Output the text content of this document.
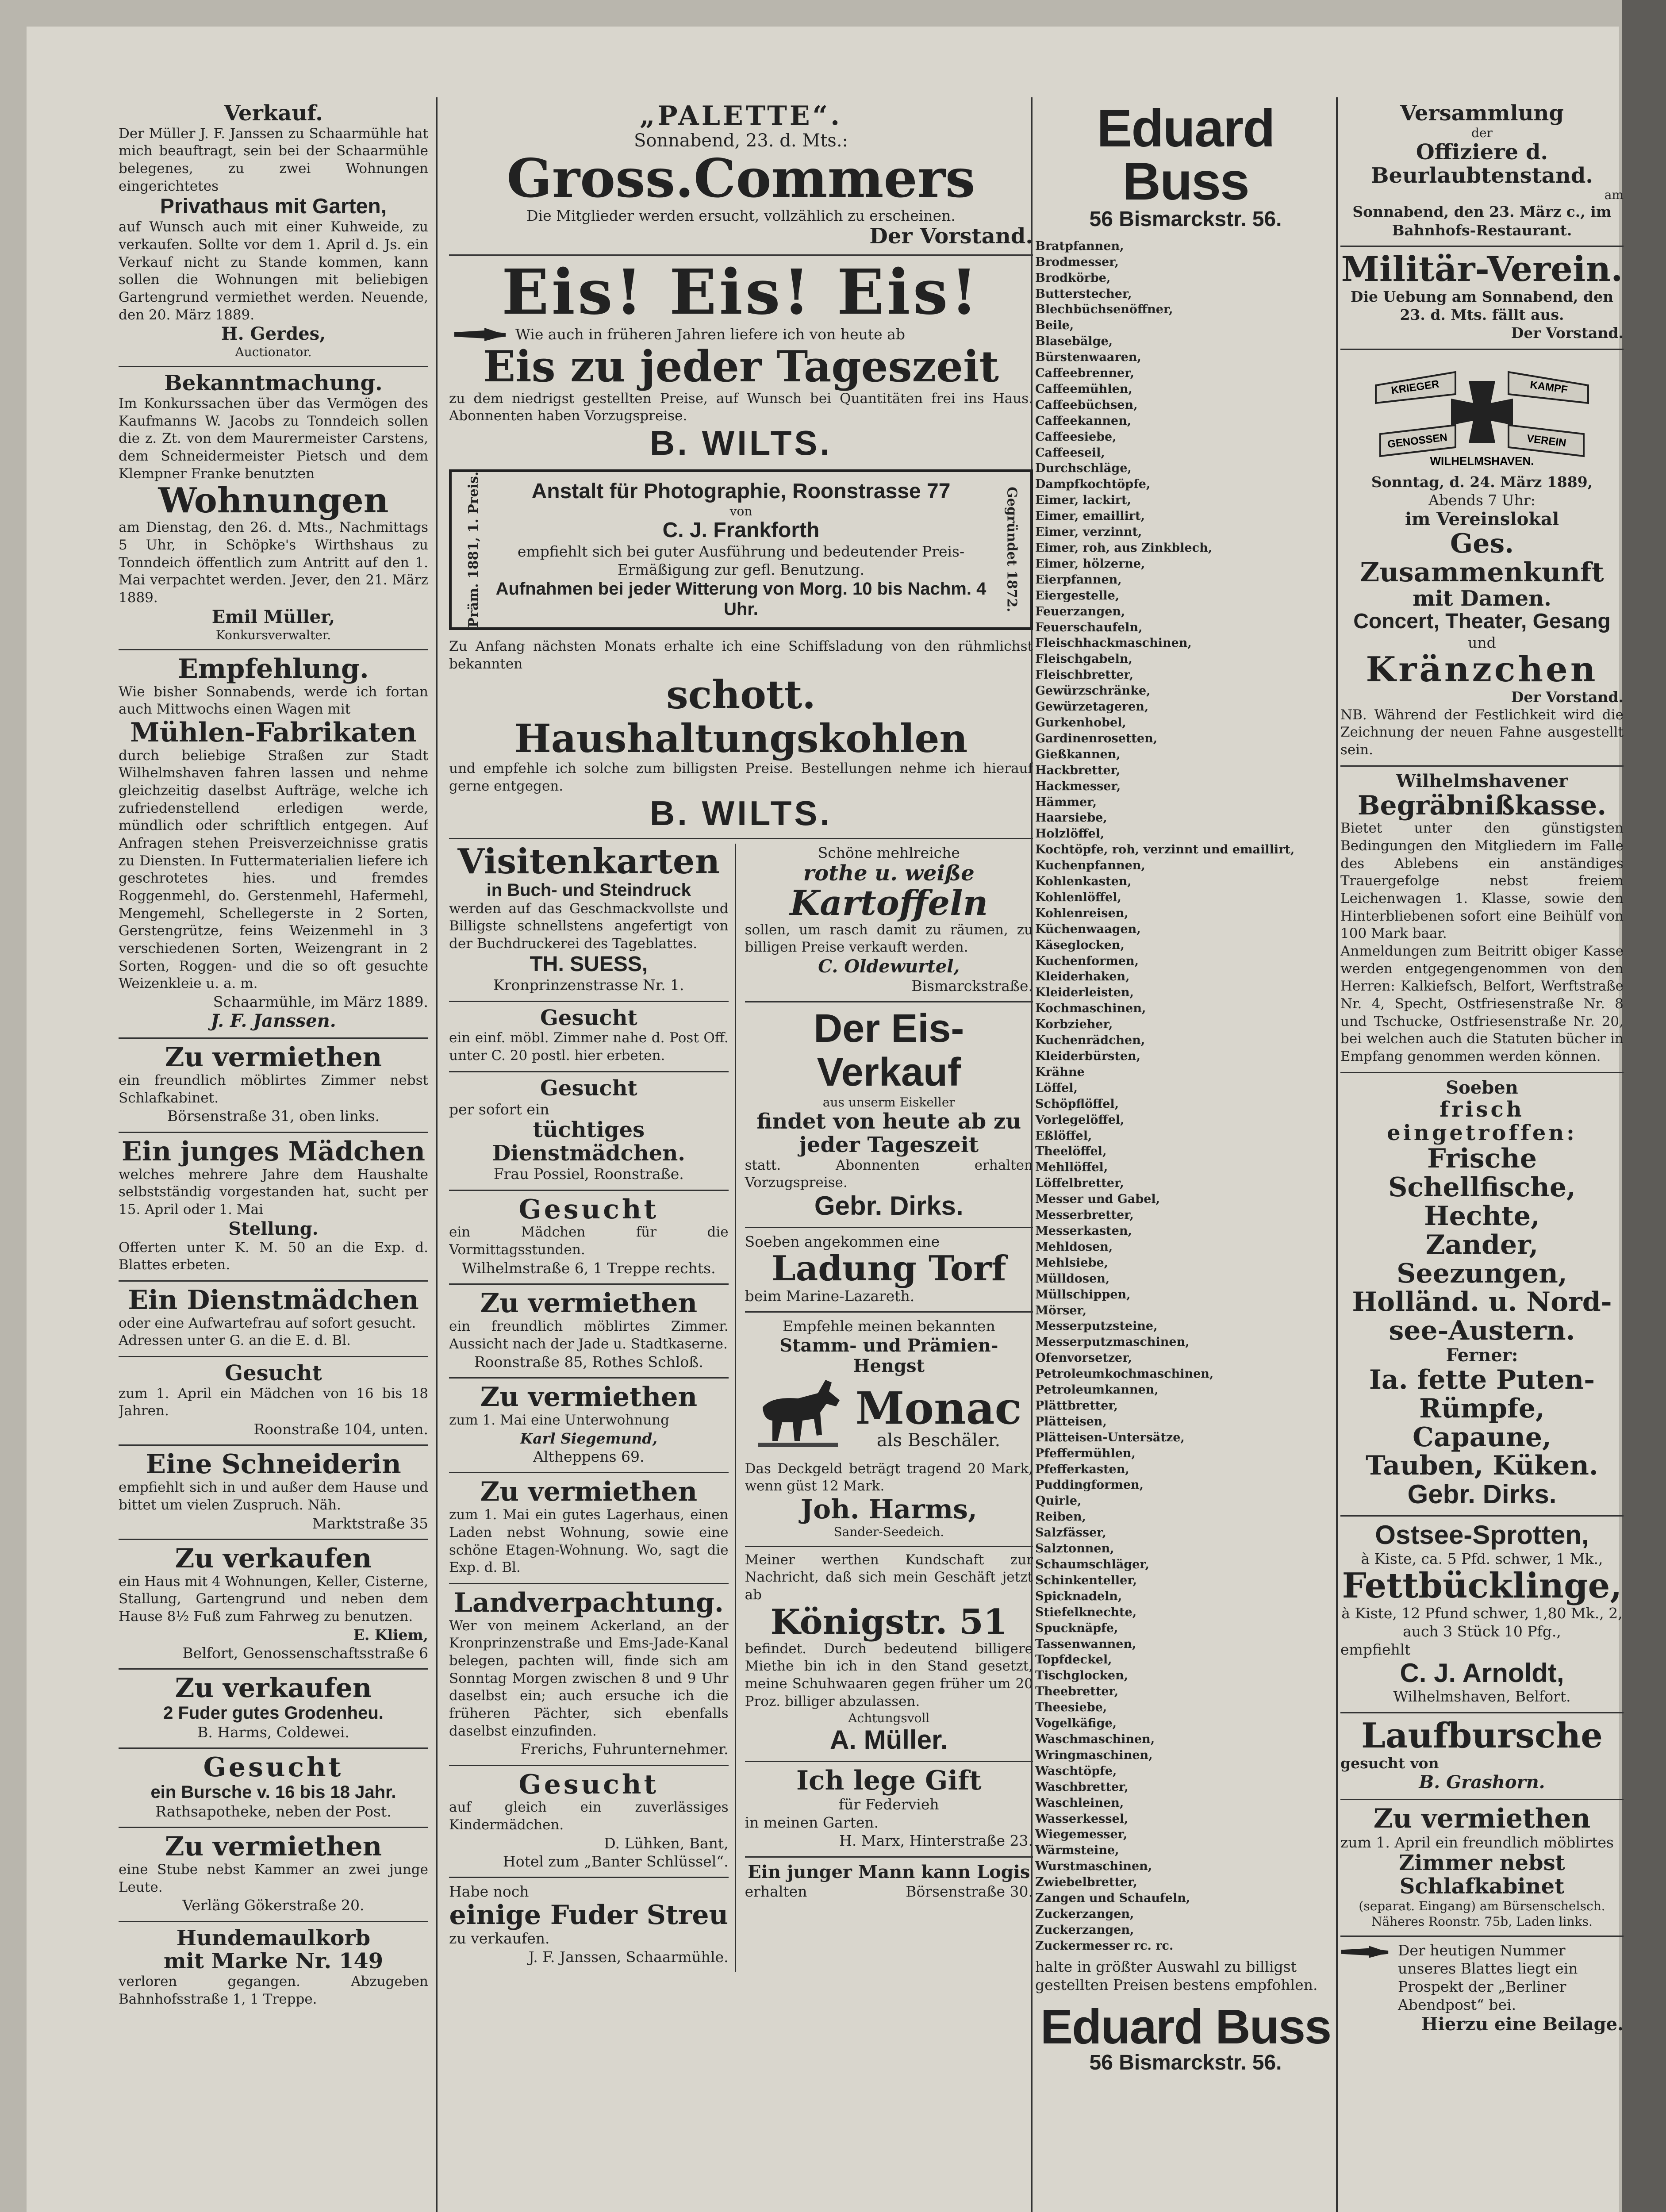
Verkauf.
Der Müller J. F. Janssen zu Schaarmühle hat mich beauftragt, sein bei der Schaarmühle belegenes, zu zwei Wohnungen eingerichtetes
Privathaus mit Garten,
auf Wunsch auch mit einer Kuhweide, zu verkaufen. Sollte vor dem 1. April d. Js. ein Verkauf nicht zu Stande kommen, kann sollen die Wohnungen mit beliebigen Gartengrund vermiethet werden. Neuende, den 20. März 1889.
H. Gerdes,
Auctionator.
Bekanntmachung.
Im Konkurssachen über das Vermögen des Kaufmanns W. Jacobs zu Tonndeich sollen die z. Zt. von dem Maurermeister Carstens, dem Schneidermeister Pietsch und dem Klempner Franke benutzten
Wohnungen
am Dienstag, den 26. d. Mts., Nachmittags 5 Uhr, in Schöpke's Wirthshaus zu Tonndeich öffentlich zum Antritt auf den 1. Mai verpachtet werden. Jever, den 21. März 1889.
Emil Müller,
Konkursverwalter.
Empfehlung.
Wie bisher Sonnabends, werde ich fortan auch Mittwochs einen Wagen mit
Mühlen-Fabrikaten
durch beliebige Straßen zur Stadt Wilhelmshaven fahren lassen und nehme gleichzeitig daselbst Aufträge, welche ich zufriedenstellend erledigen werde, mündlich oder schriftlich entgegen. Auf Anfragen stehen Preisverzeichnisse gratis zu Diensten. In Futtermaterialien liefere ich geschrotetes hies. und fremdes Roggenmehl, do. Gerstenmehl, Hafermehl, Mengemehl, Schellegerste in 2 Sorten, Gerstengrütze, feins Weizenmehl in 3 verschiedenen Sorten, Weizengrant in 2 Sorten, Roggen- und die so oft gesuchte Weizenkleie u. a. m.
Schaarmühle, im März 1889.
J. F. Janssen.
Zu vermiethen
ein freundlich möblirtes Zimmer nebst Schlafkabinet.
Börsenstraße 31, oben links.
Ein junges Mädchen
welches mehrere Jahre dem Haushalte selbstständig vorgestanden hat, sucht per 15. April oder 1. Mai
Stellung.
Offerten unter K. M. 50 an die Exp. d. Blattes erbeten.
Ein Dienstmädchen
oder eine Aufwartefrau auf sofort gesucht.
Adressen unter G. an die E. d. Bl.
Gesucht
zum 1. April ein Mädchen von 16 bis 18 Jahren.
Roonstraße 104, unten.
Eine Schneiderin
empfiehlt sich in und außer dem Hause und bittet um vielen Zuspruch. Näh.
Marktstraße 35
Zu verkaufen
ein Haus mit 4 Wohnungen, Keller, Cisterne, Stallung, Gartengrund und neben dem Hause 8½ Fuß zum Fahrweg zu benutzen.
E. Kliem,
Belfort, Genossenschaftsstraße 6
Zu verkaufen
2 Fuder gutes Grodenheu.
B. Harms, Coldewei.
Gesucht
ein Bursche v. 16 bis 18 Jahr.
Rathsapotheke, neben der Post.
Zu vermiethen
eine Stube nebst Kammer an zwei junge Leute.
Verläng Gökerstraße 20.
Hundemaulkorb
mit Marke Nr. 149
verloren gegangen. Abzugeben Bahnhofsstraße 1, 1 Treppe.
„PALETTE“.
Sonnabend, 23. d. Mts.:
Gross.Commers
Die Mitglieder werden ersucht, vollzählich zu erscheinen.
Der Vorstand.
Eis! Eis! Eis!
Wie auch in früheren Jahren liefere ich von heute ab
Eis zu jeder Tageszeit
zu dem niedrigst gestellten Preise, auf Wunsch bei Quantitäten frei ins Haus. Abonnenten haben Vorzugspreise.
B. WILTS.
Präm. 1881, 1. Preis.	Gegründet 1872.
Anstalt für Photographie, Roonstrasse 77
von
C. J. Frankforth
empfiehlt sich bei guter Ausführung und bedeutender Preis-Ermäßigung zur gefl. Benutzung.
Aufnahmen bei jeder Witterung von Morg. 10 bis Nachm. 4 Uhr.
Zu Anfang nächsten Monats erhalte ich eine Schiffsladung von den rühmlichst bekannten
schott. Haushaltungskohlen
und empfehle ich solche zum billigsten Preise. Bestellungen nehme ich hierauf gerne entgegen.
B. WILTS.
Visitenkarten
in Buch- und Steindruck
werden auf das Geschmackvollste und Billigste schnellstens angefertigt von der Buchdruckerei des Tageblattes.
TH. SUESS,
Kronprinzenstrasse Nr. 1.
Gesucht
ein einf. möbl. Zimmer nahe d. Post Off. unter C. 20 postl. hier erbeten.
Gesucht
per sofort ein
tüchtiges Dienstmädchen.
Frau Possiel, Roonstraße.
Gesucht
ein Mädchen für die Vormittagsstunden.
Wilhelmstraße 6, 1 Treppe rechts.
Zu vermiethen
ein freundlich möblirtes Zimmer. Aussicht nach der Jade u. Stadtkaserne.
Roonstraße 85, Rothes Schloß.
Zu vermiethen
zum 1. Mai eine Unterwohnung
Karl Siegemund,
Altheppens 69.
Zu vermiethen
zum 1. Mai ein gutes Lagerhaus, einen Laden nebst Wohnung, sowie eine schöne Etagen-Wohnung. Wo, sagt die Exp. d. Bl.
Landverpachtung.
Wer von meinem Ackerland, an der Kronprinzenstraße und Ems-Jade-Kanal belegen, pachten will, finde sich am Sonntag Morgen zwischen 8 und 9 Uhr daselbst ein; auch ersuche ich die früheren Pächter, sich ebenfalls daselbst einzufinden.
Frerichs, Fuhrunternehmer.
Gesucht
auf gleich ein zuverlässiges Kindermädchen.
D. Lühken, Bant,
Hotel zum „Banter Schlüssel“.
Habe noch
einige Fuder Streu
zu verkaufen.
J. F. Janssen, Schaarmühle.
Schöne mehlreiche
rothe u. weiße
Kartoffeln
sollen, um rasch damit zu räumen, zu billigen Preise verkauft werden.
C. Oldewurtel,
Bismarckstraße.
Der Eis-Verkauf
aus unserm Eiskeller
findet von heute ab zu jeder Tageszeit
statt. Abonnenten erhalten Vorzugspreise.
Gebr. Dirks.
Soeben angekommen eine
Ladung Torf
beim Marine-Lazareth.
Empfehle meinen bekannten
Stamm- und Prämien-Hengst
Monac
als Beschäler.
Das Deckgeld beträgt tragend 20 Mark, wenn güst 12 Mark.
Joh. Harms,
Sander-Seedeich.
Meiner werthen Kundschaft zur Nachricht, daß sich mein Geschäft jetzt ab
Königstr. 51
befindet. Durch bedeutend billigere Miethe bin ich in den Stand gesetzt, meine Schuhwaaren gegen früher um 20 Proz. billiger abzulassen.
Achtungsvoll
A. Müller.
Ich lege Gift
für Federvieh
in meinen Garten.
H. Marx, Hinterstraße 23.
Ein junger Mann kann Logis
erhalten	Börsenstraße 30.
Eduard Buss
56 Bismarckstr. 56.
Bratpfannen,
Brodmesser,
Brodkörbe,
Butterstecher,
Blechbüchsenöffner,
Beile,
Blasebälge,
Bürstenwaaren,
Caffeebrenner,
Caffeemühlen,
Caffeebüchsen,
Caffeekannen,
Caffeesiebe,
Caffeeseil,
Durchschläge,
Dampfkochtöpfe,
Eimer, lackirt,
Eimer, emaillirt,
Eimer, verzinnt,
Eimer, roh, aus Zinkblech,
Eimer, hölzerne,
Eierpfannen,
Eiergestelle,
Feuerzangen,
Feuerschaufeln,
Fleischhackmaschinen,
Fleischgabeln,
Fleischbretter,
Gewürzschränke,
Gewürzetageren,
Gurkenhobel,
Gardinenrosetten,
Gießkannen,
Hackbretter,
Hackmesser,
Hämmer,
Haarsiebe,
Holzlöffel,
Kochtöpfe, roh, verzinnt und emaillirt,
Kuchenpfannen,
Kohlenkasten,
Kohlenlöffel,
Kohlenreisen,
Küchenwaagen,
Käseglocken,
Kuchenformen,
Kleiderhaken,
Kleiderleisten,
Kochmaschinen,
Korbzieher,
Kuchenrädchen,
Kleiderbürsten,
Krähne
Löffel,
Schöpflöffel,
Vorlegelöffel,
Eßlöffel,
Theelöffel,
Mehllöffel,
Löffelbretter,
Messer und Gabel,
Messerbretter,
Messerkasten,
Mehldosen,
Mehlsiebe,
Mülldosen,
Müllschippen,
Mörser,
Messerputzsteine,
Messerputzmaschinen,
Ofenvorsetzer,
Petroleumkochmaschinen,
Petroleumkannen,
Plättbretter,
Plätteisen,
Plätteisen-Untersätze,
Pfeffermühlen,
Pfefferkasten,
Puddingformen,
Quirle,
Reiben,
Salzfässer,
Salztonnen,
Schaumschläger,
Schinkenteller,
Spicknadeln,
Stiefelknechte,
Spucknäpfe,
Tassenwannen,
Topfdeckel,
Tischglocken,
Theebretter,
Theesiebe,
Vogelkäfige,
Waschmaschinen,
Wringmaschinen,
Waschtöpfe,
Waschbretter,
Waschleinen,
Wasserkessel,
Wiegemesser,
Wärmsteine,
Wurstmaschinen,
Zwiebelbretter,
Zangen und Schaufeln,
Zuckerzangen,
Zuckerzangen,
Zuckermesser rc. rc.
halte in größter Auswahl zu billigst gestellten Preisen bestens empfohlen.
Eduard Buss
56 Bismarckstr. 56.
Versammlung
der
Offiziere d. Beurlaubtenstand.
am
Sonnabend, den 23. März c., im Bahnhofs-Restaurant.
Militär-Verein.
Die Uebung am Sonnabend, den 23. d. Mts. fällt aus.
Der Vorstand.
KRIEGER	KAMPF
GENOSSEN	VEREIN
WILHELMSHAVEN.
Sonntag, d. 24. März 1889,
Abends 7 Uhr:
im Vereinslokal
Ges. Zusammenkunft
mit Damen.
Concert, Theater, Gesang
und
Kränzchen
Der Vorstand.
NB. Während der Festlichkeit wird die Zeichnung der neuen Fahne ausgestellt sein.
Wilhelmshavener
Begräbnißkasse.
Bietet unter den günstigsten Bedingungen den Mitgliedern im Falle des Ablebens ein anständiges Trauergefolge nebst freiem Leichenwagen 1. Klasse, sowie den Hinterbliebenen sofort eine Beihülf von 100 Mark baar.
Anmeldungen zum Beitritt obiger Kasse werden entgegengenommen von den Herren: Kalkiefsch, Belfort, Werftstraße Nr. 4, Specht, Ostfriesenstraße Nr. 8 und Tschucke, Ostfriesenstraße Nr. 20, bei welchen auch die Statuten bücher in Empfang genommen werden können.
Soeben
frisch eingetroffen:
Frische Schellfische,
Hechte,
Zander,
Seezungen,
Holländ. u. Nord-
see-Austern.
Ferner:
Ia. fette Puten-
Rümpfe,
Capaune,
Tauben, Küken.
Gebr. Dirks.
Ostsee-Sprotten,
à Kiste, ca. 5 Pfd. schwer, 1 Mk.,
Fettbücklinge,
à Kiste, 12 Pfund schwer, 1,80 Mk., 2, auch 3 Stück 10 Pfg.,
empfiehlt
C. J. Arnoldt,
Wilhelmshaven, Belfort.
Laufbursche
gesucht von
B. Grashorn.
Zu vermiethen
zum 1. April ein freundlich möblirtes
Zimmer nebst Schlafkabinet
(separat. Eingang) am Bürsenschelsch. Näheres Roonstr. 75b, Laden links.
Der heutigen Nummer unseres Blattes liegt ein Prospekt der „Berliner Abendpost“ bei.
Hierzu eine Beilage.
